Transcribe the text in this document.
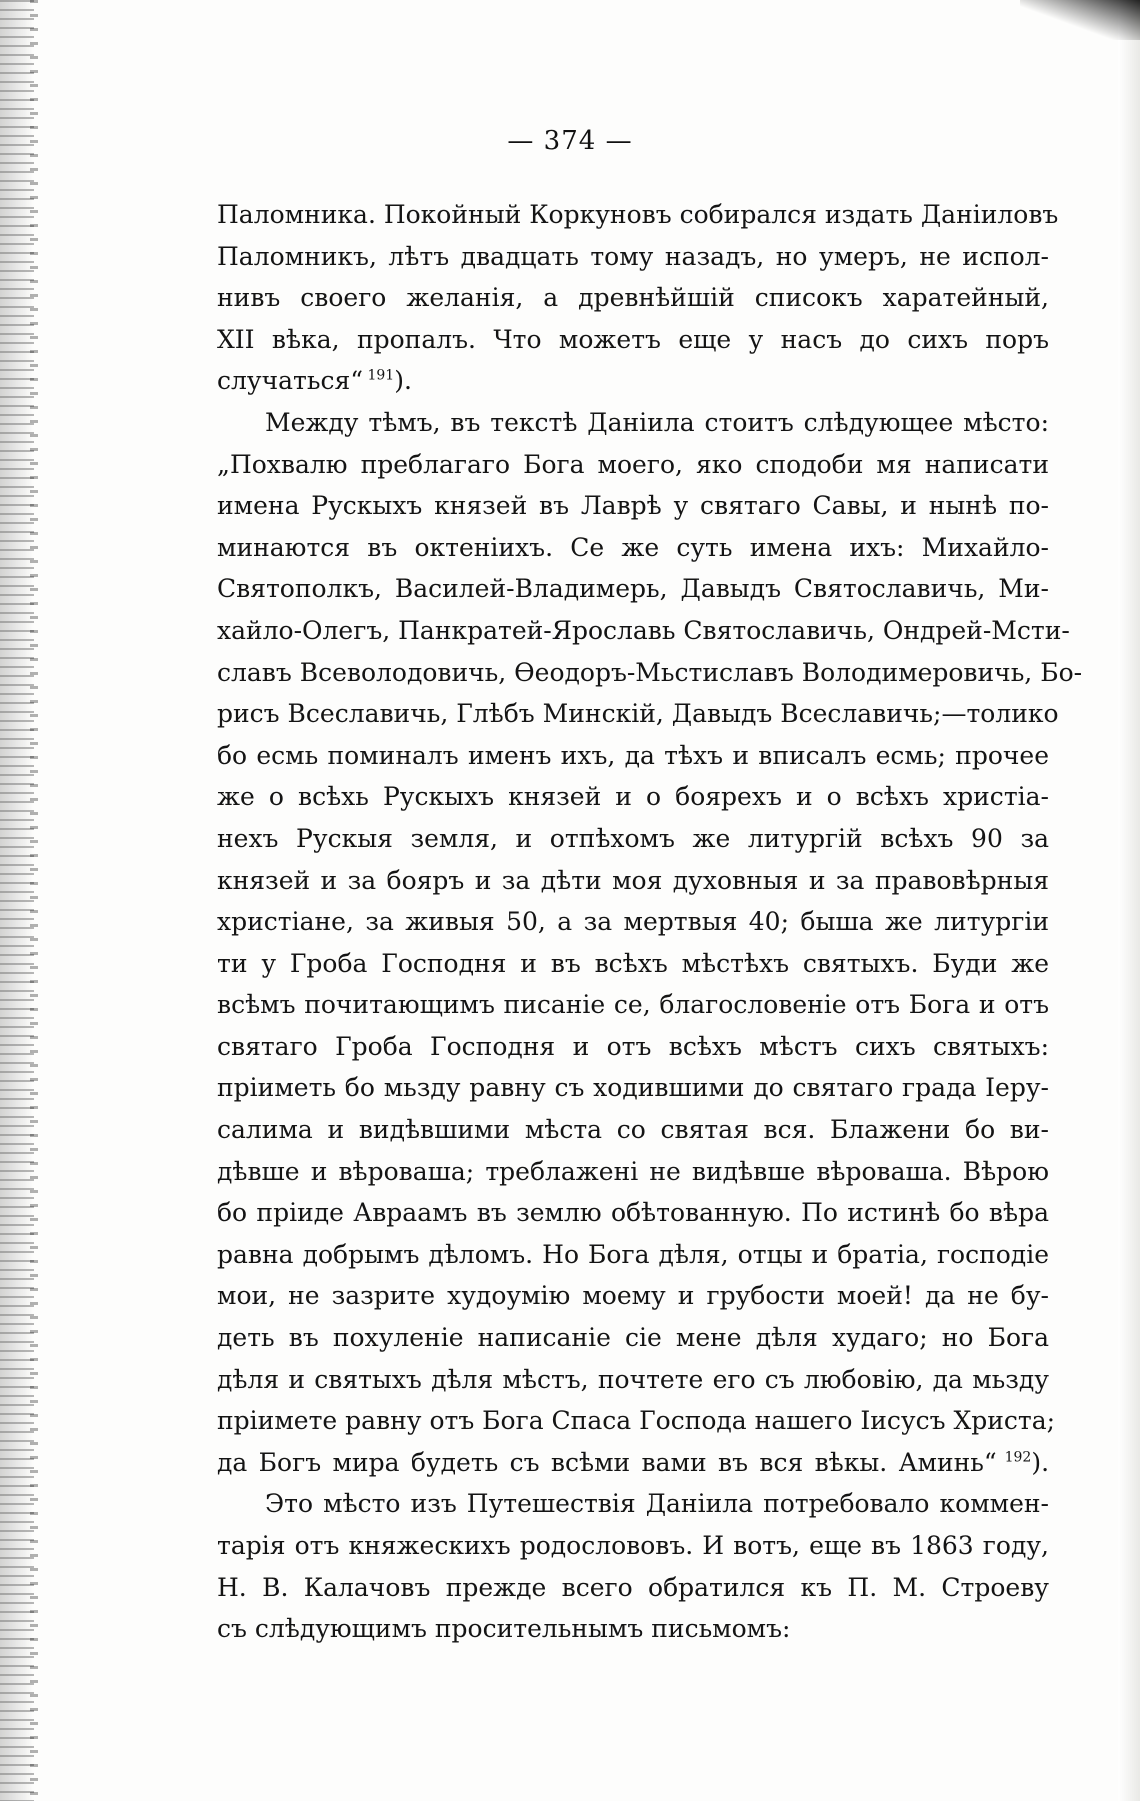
— 374 —
Паломника. Покойный Коркуновъ собирался издать Даніиловъ
Паломникъ, лѣтъ двадцать тому назадъ, но умеръ, не испол-
нивъ своего желанія, а древнѣйшій списокъ харатейный,
XII вѣка, пропалъ. Что можетъ еще у насъ до сихъ поръ
случаться“ $^{191}$).
Между тѣмъ, въ текстѣ Даніила стоитъ слѣдующее мѣсто:
„Похвалю преблагаго Бога моего, яко сподоби мя написати
имена Рускыхъ князей въ Лаврѣ у святаго Савы, и нынѣ по-
минаются въ октеніихъ. Се же суть имена ихъ: Михайло-
Святополкъ, Василей-Владимерь, Давыдъ Святославичь, Ми-
хайло-Олегъ, Панкратей-Ярославь Святославичь, Ондрей-Мсти-
славъ Всеволодовичь, Ѳеодоръ-Мьстиславъ Володимеровичь, Бо-
рисъ Всеславичь, Глѣбъ Минскій, Давыдъ Всеславичь;—толико
бо есмь поминалъ именъ ихъ, да тѣхъ и вписалъ есмь; прочее
же о всѣхь Рускыхъ князей и о боярехъ и о всѣхъ христіа-
нехъ Рускыя земля, и отпѣхомъ же литургій всѣхъ 90 за
князей и за бояръ и за дѣти моя духовныя и за правовѣрныя
христіане, за живыя 50, а за мертвыя 40; быша же литургіи
ти у Гроба Господня и въ всѣхъ мѣстѣхъ святыхъ. Буди же
всѣмъ почитающимъ писаніе се, благословеніе отъ Бога и отъ
святаго Гроба Господня и отъ всѣхъ мѣстъ сихъ святыхъ:
пріиметь бо мьзду равну съ ходившими до святаго града Іеру-
салима и видѣвшими мѣста со святая вся. Блажени бо ви-
дѣвше и вѣроваша; треблажені не видѣвше вѣроваша. Вѣрою
бо пріиде Авраамъ въ землю обѣтованную. По истинѣ бо вѣра
равна добрымъ дѣломъ. Но Бога дѣля, отцы и братіа, господіе
мои, не зазрите худоумію моему и грубости моей! да не бу-
деть въ похуленіе написаніе сіе мене дѣля худаго; но Бога
дѣля и святыхъ дѣля мѣстъ, почтете его съ любовію, да мьзду
пріимете равну отъ Бога Спаса Господа нашего Іисусъ Христа;
да Богъ мира будеть съ всѣми вами въ вся вѣкы. Аминь“ $^{192}$).
Это мѣсто изъ Путешествія Даніила потребовало коммен-
тарія отъ княжескихъ родослововъ. И вотъ, еще въ 1863 году,
Н. В. Калачовъ прежде всего обратился къ П. М. Строеву
съ слѣдующимъ просительнымъ письмомъ:
